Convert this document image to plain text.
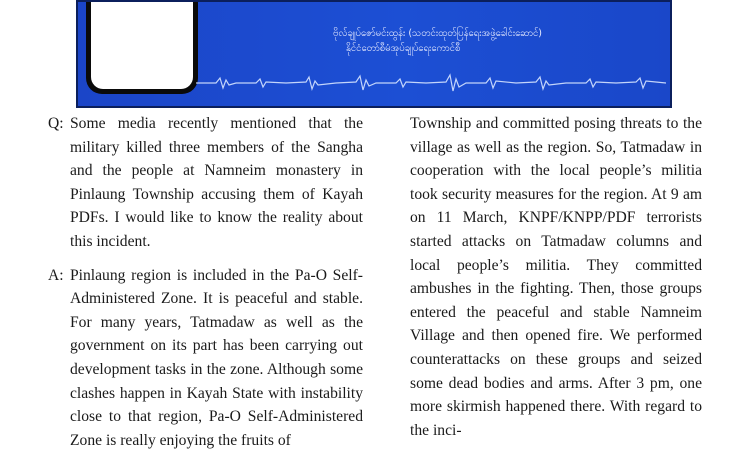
ဗိုလ်ချုပ်ဇော်မင်းထွန်း (သတင်းထုတ်ပြန်ရေးအဖွဲ့ခေါင်းဆောင်)
နိုင်ငံတော်စီမံအုပ်ချုပ်ရေးကောင်စီ
Q: Some media recently mentioned that the military killed three members of the Sangha and the people at Namneim monastery in Pinlaung Township accusing them of Kayah PDFs. I would like to know the reality about this incident.
A: Pinlaung region is included in the Pa-O Self-Administered Zone. It is peaceful and stable. For many years, Tatmadaw as well as the government on its part has been carrying out development tasks in the zone. Although some clashes happen in Kayah State with instability close to that region, Pa-O Self-Administered Zone is really enjoying the fruits of
Township and committed posing threats to the village as well as the region. So, Tatmadaw in cooperation with the local people’s militia took security measures for the region. At 9 am on 11 March, KNPF/KNPP/PDF terrorists started attacks on Tatmadaw columns and local people’s militia. They committed ambushes in the fighting. Then, those groups entered the peaceful and stable Namneim Village and then opened fire. We performed counterattacks on these groups and seized some dead bodies and arms. After 3 pm, one more skirmish happened there. With regard to the inci-
